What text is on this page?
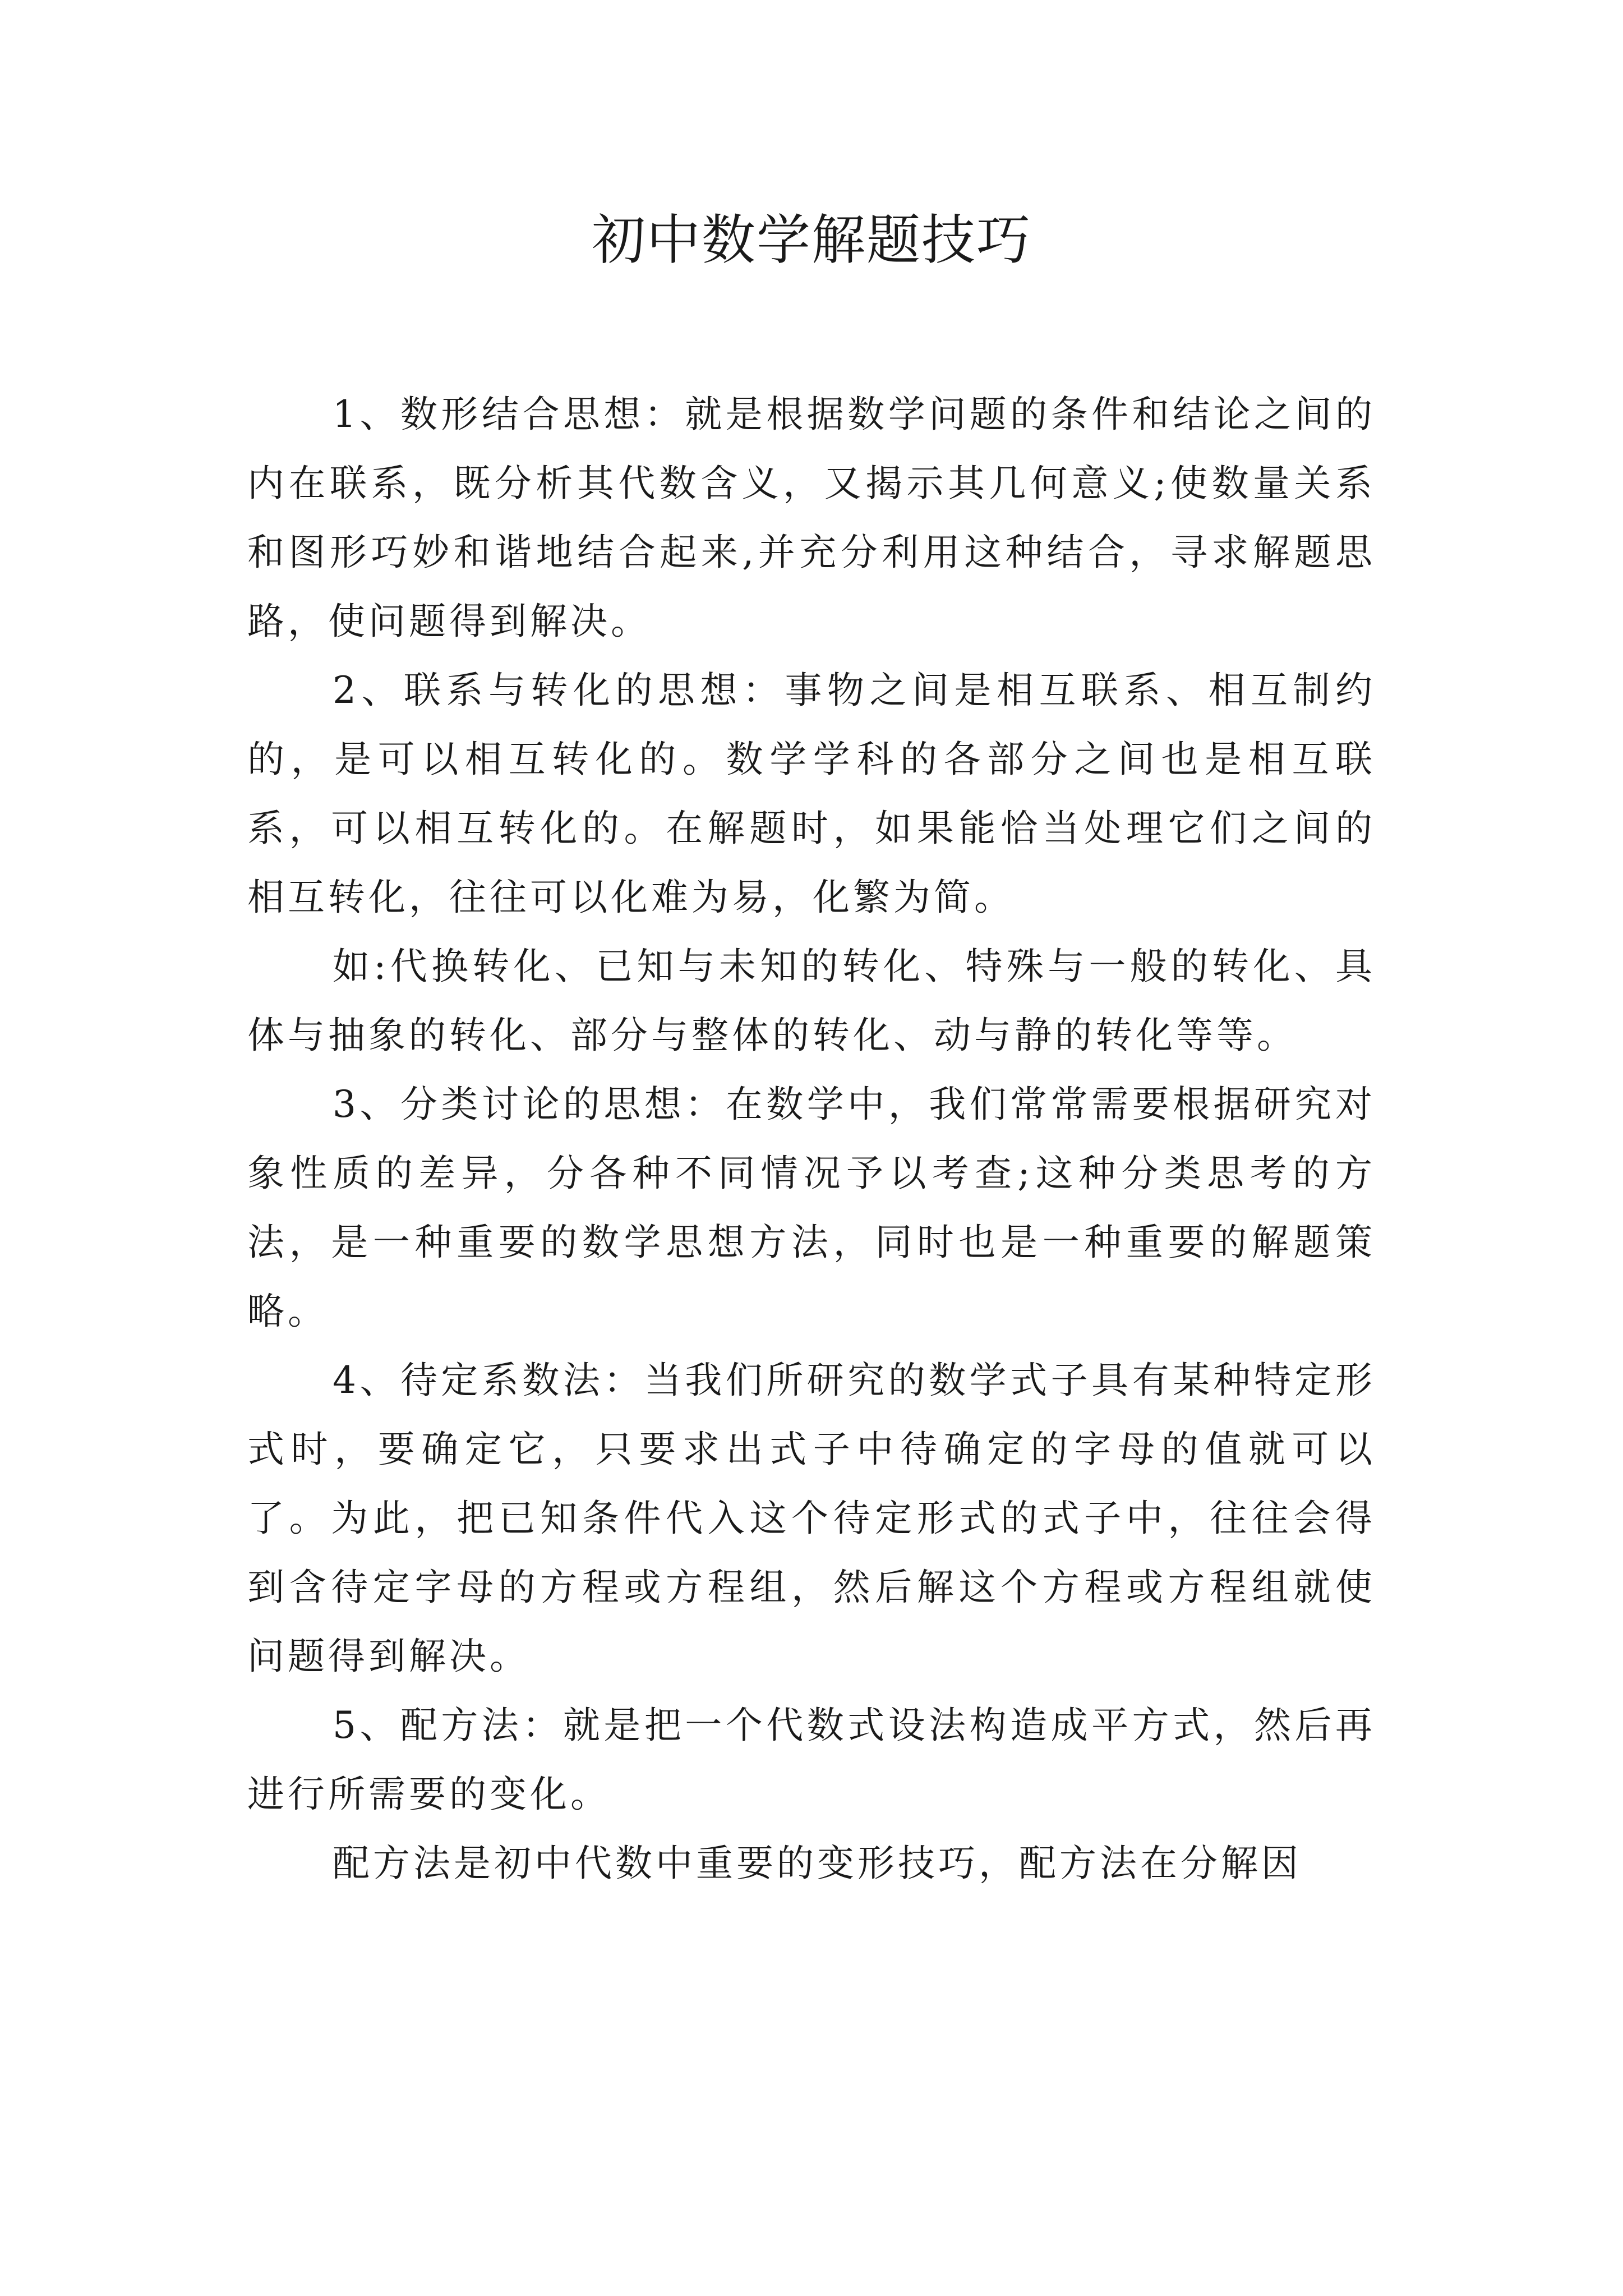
初中数学解题技巧

1、数形结合思想：就是根据数学问题的条件和结论之间的内在联系，既分析其代数含义，又揭示其几何意义;使数量关系和图形巧妙和谐地结合起来,并充分利用这种结合，寻求解题思路，使问题得到解决。

2、联系与转化的思想：事物之间是相互联系、相互制约的，是可以相互转化的。数学学科的各部分之间也是相互联系，可以相互转化的。在解题时，如果能恰当处理它们之间的相互转化，往往可以化难为易，化繁为简。

如:代换转化、已知与未知的转化、特殊与一般的转化、具体与抽象的转化、部分与整体的转化、动与静的转化等等。

3、分类讨论的思想：在数学中，我们常常需要根据研究对象性质的差异，分各种不同情况予以考查;这种分类思考的方法，是一种重要的数学思想方法，同时也是一种重要的解题策略。

4、待定系数法：当我们所研究的数学式子具有某种特定形式时，要确定它，只要求出式子中待确定的字母的值就可以了。为此，把已知条件代入这个待定形式的式子中，往往会得到含待定字母的方程或方程组，然后解这个方程或方程组就使问题得到解决。

5、配方法：就是把一个代数式设法构造成平方式，然后再进行所需要的变化。

配方法是初中代数中重要的变形技巧，配方法在分解因
